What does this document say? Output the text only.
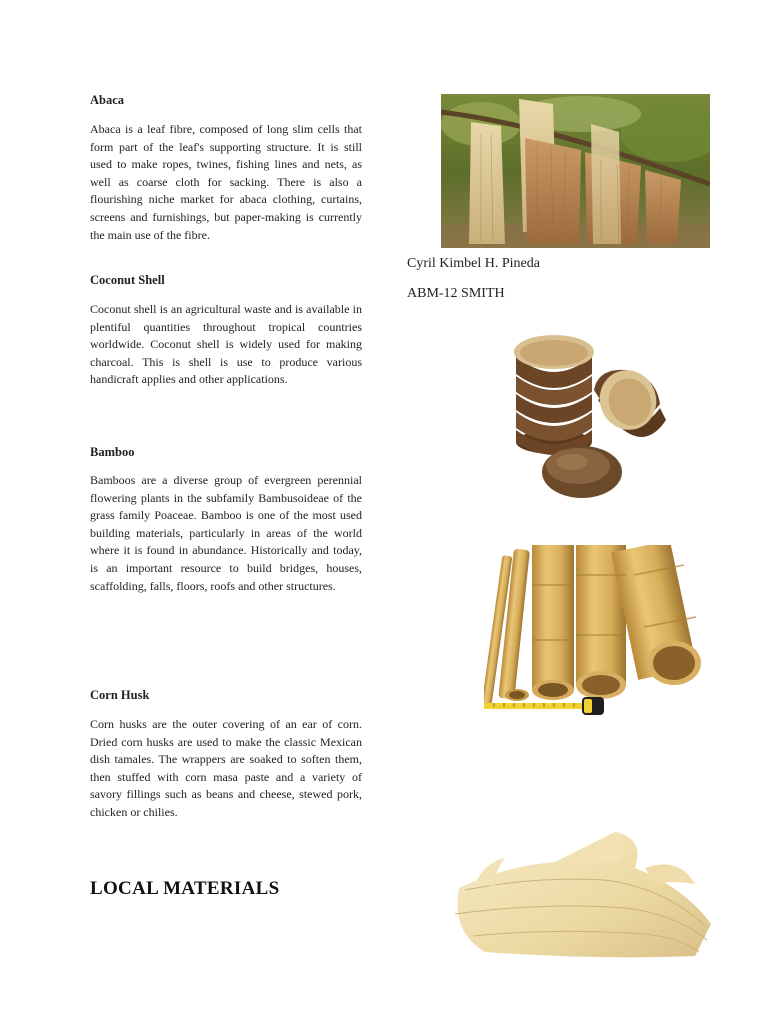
Abaca

Abaca is a leaf fibre, composed of long slim cells that form part of the leaf's supporting structure. It is still used to make ropes, twines, fishing lines and nets, as well as coarse cloth for sacking. There is also a flourishing niche market for abaca clothing, curtains, screens and furnishings, but paper-making is currently the main use of the fibre.

Coconut Shell

Coconut shell is an agricultural waste and is available in plentiful quantities throughout tropical countries worldwide. Coconut shell is widely used for making charcoal. This is shell is use to produce various handicraft applies and other applications.

Bamboo

Bamboos are a diverse group of evergreen perennial flowering plants in the subfamily Bambusoideae of the grass family Poaceae. Bamboo is one of the most used building materials, particularly in areas of the world where it is found in abundance. Historically and today, is an important resource to build bridges, houses, scaffolding, falls, floors, roofs and other structures.

Corn Husk

Corn husks are the outer covering of an ear of corn. Dried corn husks are used to make the classic Mexican dish tamales. The wrappers are soaked to soften them, then stuffed with corn masa paste and a variety of savory fillings such as beans and cheese, stewed pork, chicken or chilies.

LOCAL MATERIALS
Cyril Kimbel H. Pineda
ABM-12 SMITH
